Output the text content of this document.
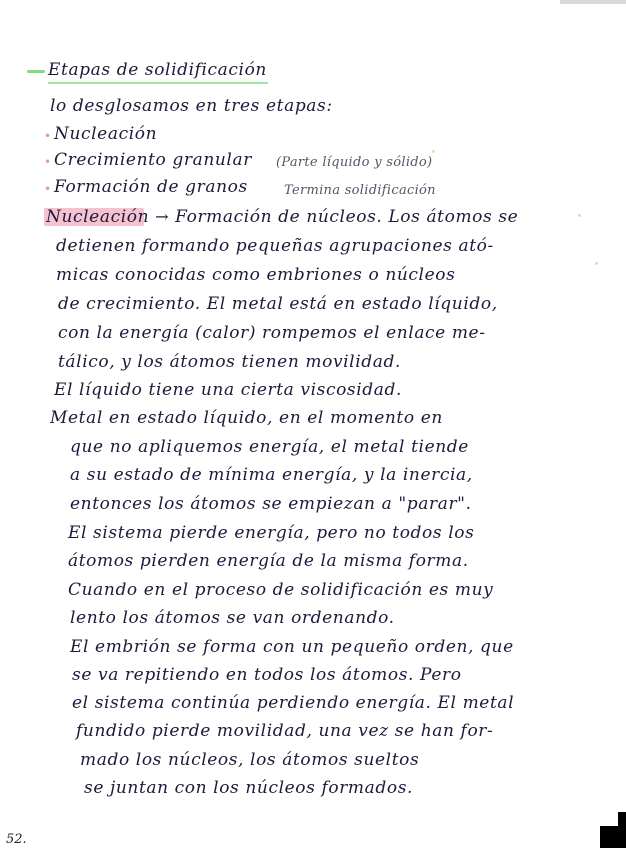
Etapas de solidificación
lo desglosamos en tres etapas:
• Nucleación
• Crecimiento granular (Parte líquido y sólido)
• Formación de granos	Termina solidificación
Nucleación → Formación de núcleos. Los átomos se
detienen formando pequeñas agrupaciones ató-
micas conocidas como embriones o núcleos
de crecimiento. El metal está en estado líquido,
con la energía (calor) rompemos el enlace me-
tálico, y los átomos tienen movilidad.
El líquido tiene una cierta viscosidad.
Metal en estado líquido, en el momento en
que no apliquemos energía, el metal tiende
a su estado de mínima energía, y la inercia,
entonces los átomos se empiezan a "parar".
El sistema pierde energía, pero no todos los
átomos pierden energía de la misma forma.
Cuando en el proceso de solidificación es muy
lento los átomos se van ordenando.
El embrión se forma con un pequeño orden, que
se va repitiendo en todos los átomos. Pero
el sistema continúa perdiendo energía. El metal
fundido pierde movilidad, una vez se han for-
mado los núcleos, los átomos sueltos
se juntan con los núcleos formados.
52.
